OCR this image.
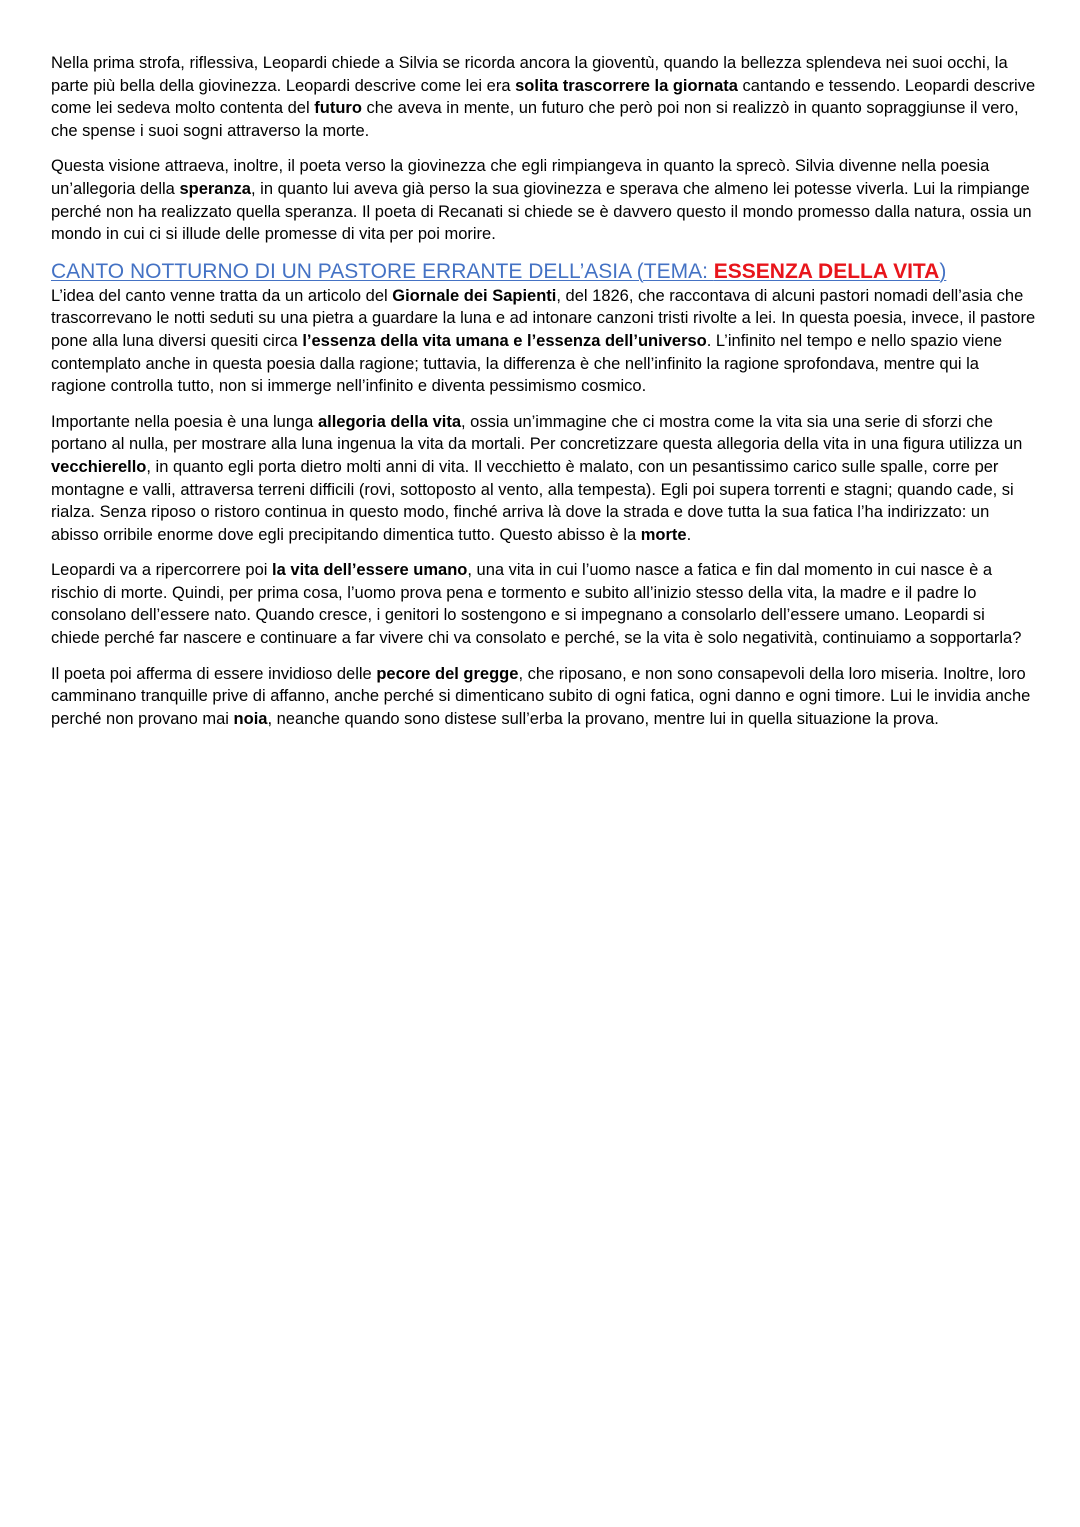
Nella prima strofa, riflessiva, Leopardi chiede a Silvia se ricorda ancora la gioventù, quando la bellezza splendeva nei suoi occhi, la parte più bella della giovinezza. Leopardi descrive come lei era solita trascorrere la giornata cantando e tessendo. Leopardi descrive come lei sedeva molto contenta del futuro che aveva in mente, un futuro che però poi non si realizzò in quanto sopraggiunse il vero, che spense i suoi sogni attraverso la morte.

Questa visione attraeva, inoltre, il poeta verso la giovinezza che egli rimpiangeva in quanto la sprecò. Silvia divenne nella poesia un’allegoria della speranza, in quanto lui aveva già perso la sua giovinezza e sperava che almeno lei potesse viverla. Lui la rimpiange perché non ha realizzato quella speranza. Il poeta di Recanati si chiede se è davvero questo il mondo promesso dalla natura, ossia un mondo in cui ci si illude delle promesse di vita per poi morire.

CANTO NOTTURNO DI UN PASTORE ERRANTE DELL’ASIA (TEMA: ESSENZA DELLA VITA)

L’idea del canto venne tratta da un articolo del Giornale dei Sapienti, del 1826, che raccontava di alcuni pastori nomadi dell’asia che trascorrevano le notti seduti su una pietra a guardare la luna e ad intonare canzoni tristi rivolte a lei. In questa poesia, invece, il pastore pone alla luna diversi quesiti circa l’essenza della vita umana e l’essenza dell’universo. L’infinito nel tempo e nello spazio viene contemplato anche in questa poesia dalla ragione; tuttavia, la differenza è che nell’infinito la ragione sprofondava, mentre qui la ragione controlla tutto, non si immerge nell’infinito e diventa pessimismo cosmico.

Importante nella poesia è una lunga allegoria della vita, ossia un’immagine che ci mostra come la vita sia una serie di sforzi che portano al nulla, per mostrare alla luna ingenua la vita da mortali. Per concretizzare questa allegoria della vita in una figura utilizza un vecchierello, in quanto egli porta dietro molti anni di vita. Il vecchietto è malato, con un pesantissimo carico sulle spalle, corre per montagne e valli, attraversa terreni difficili (rovi, sottoposto al vento, alla tempesta). Egli poi supera torrenti e stagni; quando cade, si rialza. Senza riposo o ristoro continua in questo modo, finché arriva là dove la strada e dove tutta la sua fatica l’ha indirizzato: un abisso orribile enorme dove egli precipitando dimentica tutto. Questo abisso è la morte.

Leopardi va a ripercorrere poi la vita dell’essere umano, una vita in cui l’uomo nasce a fatica e fin dal momento in cui nasce è a rischio di morte. Quindi, per prima cosa, l’uomo prova pena e tormento e subito all’inizio stesso della vita, la madre e il padre lo consolano dell’essere nato. Quando cresce, i genitori lo sostengono e si impegnano a consolarlo dell’essere umano. Leopardi si chiede perché far nascere e continuare a far vivere chi va consolato e perché, se la vita è solo negatività, continuiamo a sopportarla?

Il poeta poi afferma di essere invidioso delle pecore del gregge, che riposano, e non sono consapevoli della loro miseria. Inoltre, loro camminano tranquille prive di affanno, anche perché si dimenticano subito di ogni fatica, ogni danno e ogni timore. Lui le invidia anche perché non provano mai noia, neanche quando sono distese sull’erba la provano, mentre lui in quella situazione la prova.
